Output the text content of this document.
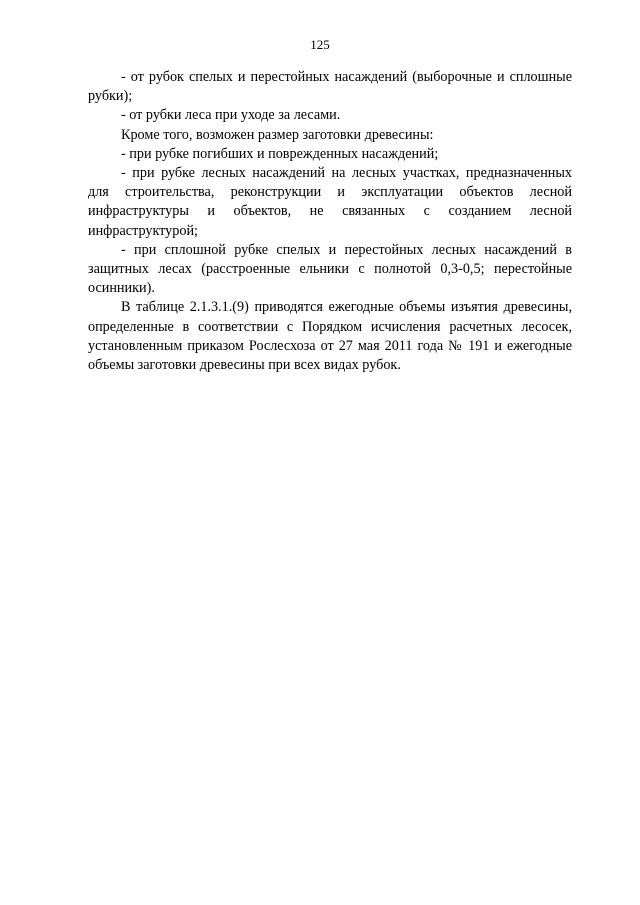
125

- от рубок спелых и перестойных насаждений (выборочные и сплошные рубки);

- от рубки леса при уходе за лесами.

Кроме того, возможен размер заготовки древесины:

- при рубке погибших и поврежденных насаждений;

- при рубке лесных насаждений на лесных участках, предназначенных для строительства, реконструкции и эксплуатации объектов лесной инфраструктуры и объектов, не связанных с созданием лесной инфраструктурой;

- при сплошной рубке спелых и перестойных лесных насаждений в защитных лесах (расстроенные ельники с полнотой 0,3-0,5; перестойные осинники).

В таблице 2.1.3.1.(9) приводятся ежегодные объемы изъятия древесины, определенные в соответствии с Порядком исчисления расчетных лесосек, установленным приказом Рослесхоза от 27 мая 2011 года № 191 и ежегодные объемы заготовки древесины при всех видах рубок.
